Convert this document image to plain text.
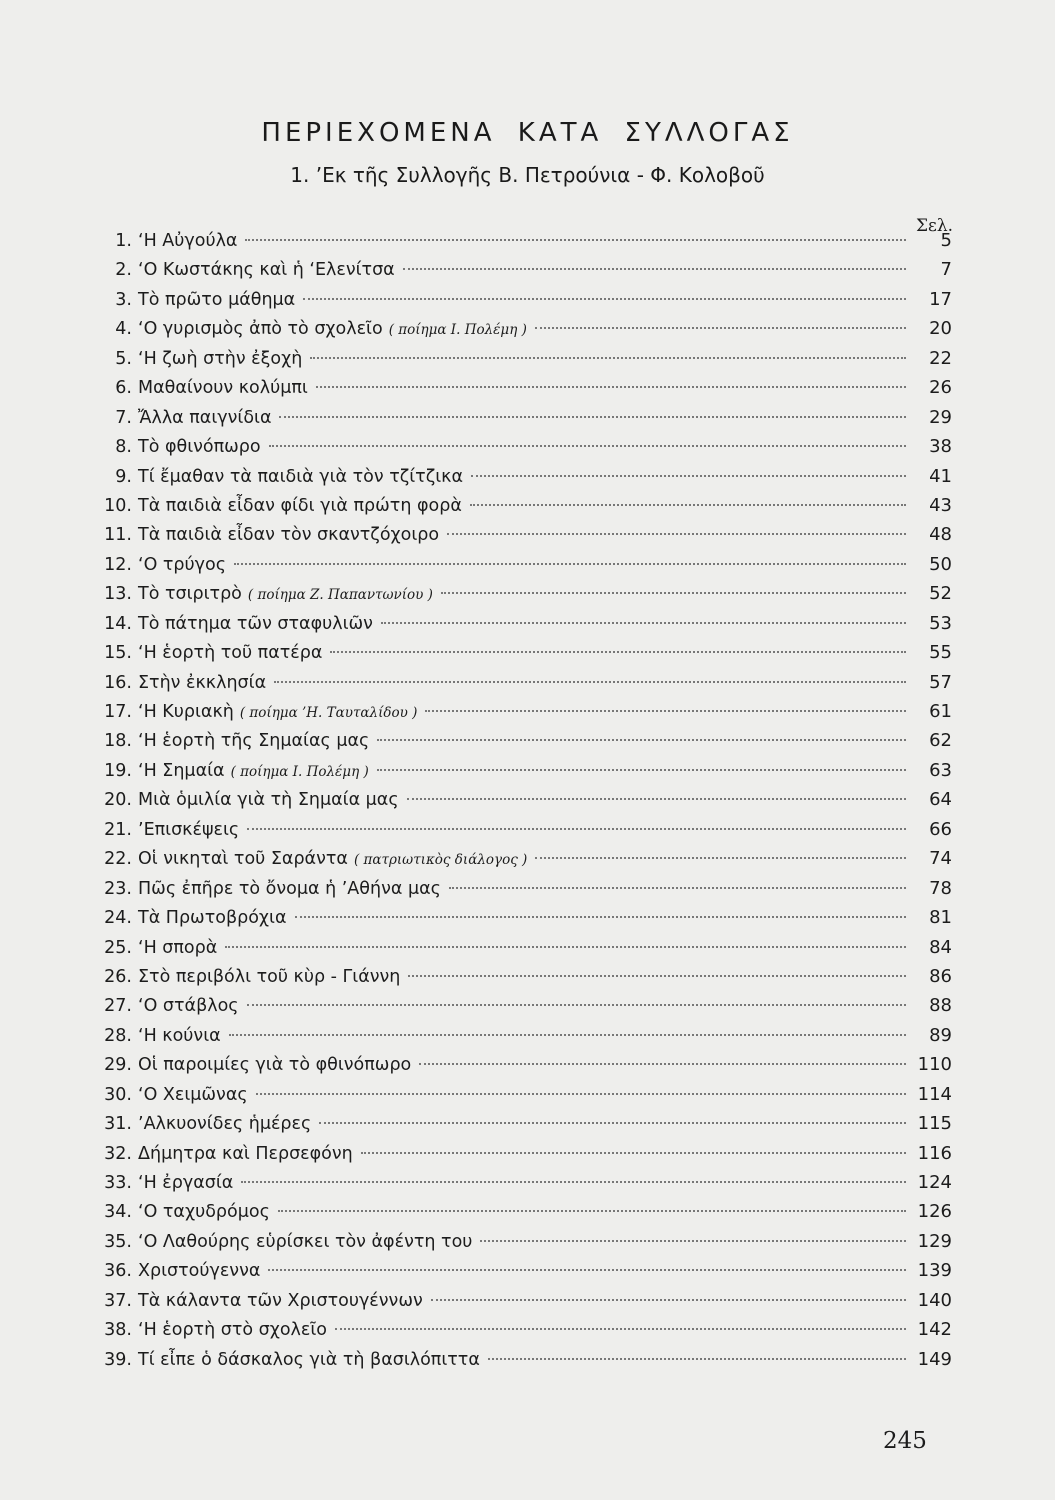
ΠΕΡΙΕΧΟΜΕΝΑ ΚΑΤΑ ΣΥΛΛΟΓΑΣ
1. ’Εκ τῆς Συλλογῆς Β. Πετρούνια - Φ. Κολοβοῦ
Σελ.
1. ‘Η Αὐγούλα	5
2. ‘Ο Κωστάκης καὶ ἡ ‘Ελενίτσα	7
3. Τὸ πρῶτο μάθημα	17
4. ‘Ο γυρισμὸς ἀπὸ τὸ σχολεῖο ( ποίημα Ι. Πολέμη )	20
5. ‘Η ζωὴ στὴν ἐξοχὴ	22
6. Μαθαίνουν κολύμπι	26
7. Ἄλλα παιγνίδια	29
8. Τὸ φθινόπωρο	38
9. Τί ἔμαθαν τὰ παιδιὰ γιὰ τὸν τζίτζικα	41
10. Τὰ παιδιὰ εἶδαν φίδι γιὰ πρώτη φορὰ	43
11. Τὰ παιδιὰ εἶδαν τὸν σκαντζόχοιρο	48
12. ‘Ο τρύγος	50
13. Τὸ τσιριτρὸ ( ποίημα Ζ. Παπαντωνίου )	52
14. Τὸ πάτημα τῶν σταφυλιῶν	53
15. ‘Η ἑορτὴ τοῦ πατέρα	55
16. Στὴν ἐκκλησία	57
17. ‘Η Κυριακὴ ( ποίημα ’Η. Ταυταλίδου )	61
18. ‘Η ἑορτὴ τῆς Σημαίας μας	62
19. ‘Η Σημαία ( ποίημα Ι. Πολέμη )	63
20. Μιὰ ὁμιλία γιὰ τὴ Σημαία μας	64
21. ’Επισκέψεις	66
22. Οἱ νικηταὶ τοῦ Σαράντα ( πατριωτικὸς διάλογος )	74
23. Πῶς ἐπῆρε τὸ ὄνομα ἡ ’Αθήνα μας	78
24. Τὰ Πρωτοβρόχια	81
25. ‘Η σπορὰ	84
26. Στὸ περιβόλι τοῦ κὺρ - Γιάννη	86
27. ‘Ο στάβλος	88
28. ‘Η κούνια	89
29. Οἱ παροιμίες γιὰ τὸ φθινόπωρο	110
30. ‘Ο Χειμῶνας	114
31. ’Αλκυονίδες ἡμέρες	115
32. Δήμητρα καὶ Περσεφόνη	116
33. ‘Η ἐργασία	124
34. ‘Ο ταχυδρόμος	126
35. ‘Ο Λαθούρης εὑρίσκει τὸν ἀφέντη του	129
36. Χριστούγεννα	139
37. Τὰ κάλαντα τῶν Χριστουγέννων	140
38. ‘Η ἑορτὴ στὸ σχολεῖο	142
39. Τί εἶπε ὁ δάσκαλος γιὰ τὴ βασιλόπιττα	149
245
